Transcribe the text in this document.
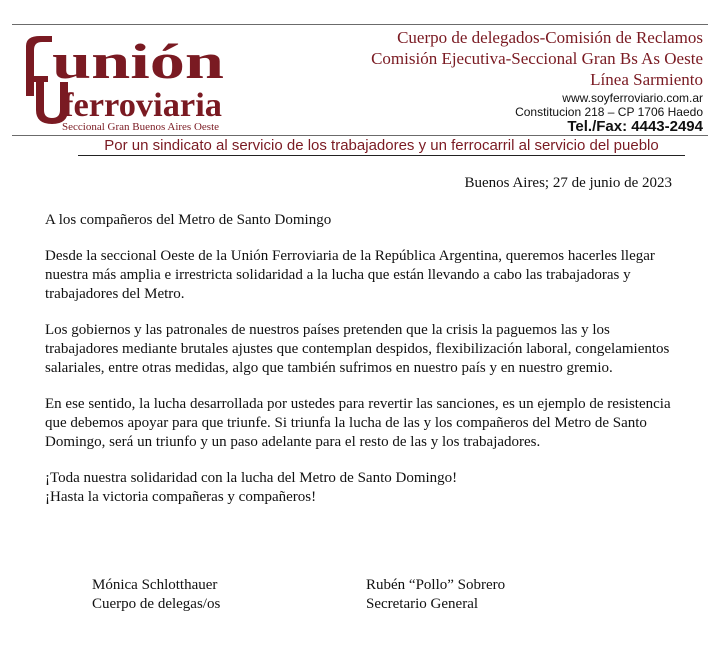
unión
ferroviaria
Seccional Gran Buenos Aires Oeste
Cuerpo de delegados-Comisión de Reclamos
Comisión Ejecutiva-Seccional Gran Bs As Oeste
Línea Sarmiento
www.soyferroviario.com.ar
Constitucion 218 – CP 1706 Haedo
Tel./Fax: 4443-2494
Por un sindicato al servicio de los trabajadores y un ferrocarril al servicio del pueblo
Buenos Aires; 27 de junio de 2023

A los compañeros del Metro de Santo Domingo

Desde la seccional Oeste de la Unión Ferroviaria de la República Argentina, queremos hacerles llegar nuestra más amplia e irrestricta solidaridad a la lucha que están llevando a cabo las trabajadoras y trabajadores del Metro.

Los gobiernos y las patronales de nuestros países pretenden que la crisis la paguemos las y los trabajadores mediante brutales ajustes que contemplan despidos, flexibilización laboral, congelamientos salariales, entre otras medidas, algo que también sufrimos en nuestro país y en nuestro gremio.

En ese sentido, la lucha desarrollada por ustedes para revertir las sanciones, es un ejemplo de resistencia que debemos apoyar para que triunfe. Si triunfa la lucha de las y los compañeros del Metro de Santo Domingo, será un triunfo y un paso adelante para el resto de las y los trabajadores.

¡Toda nuestra solidaridad con la lucha del Metro de Santo Domingo!
¡Hasta la victoria compañeras y compañeros!
Mónica Schlotthauer
Cuerpo de delegas/os
Rubén “Pollo” Sobrero
Secretario General
